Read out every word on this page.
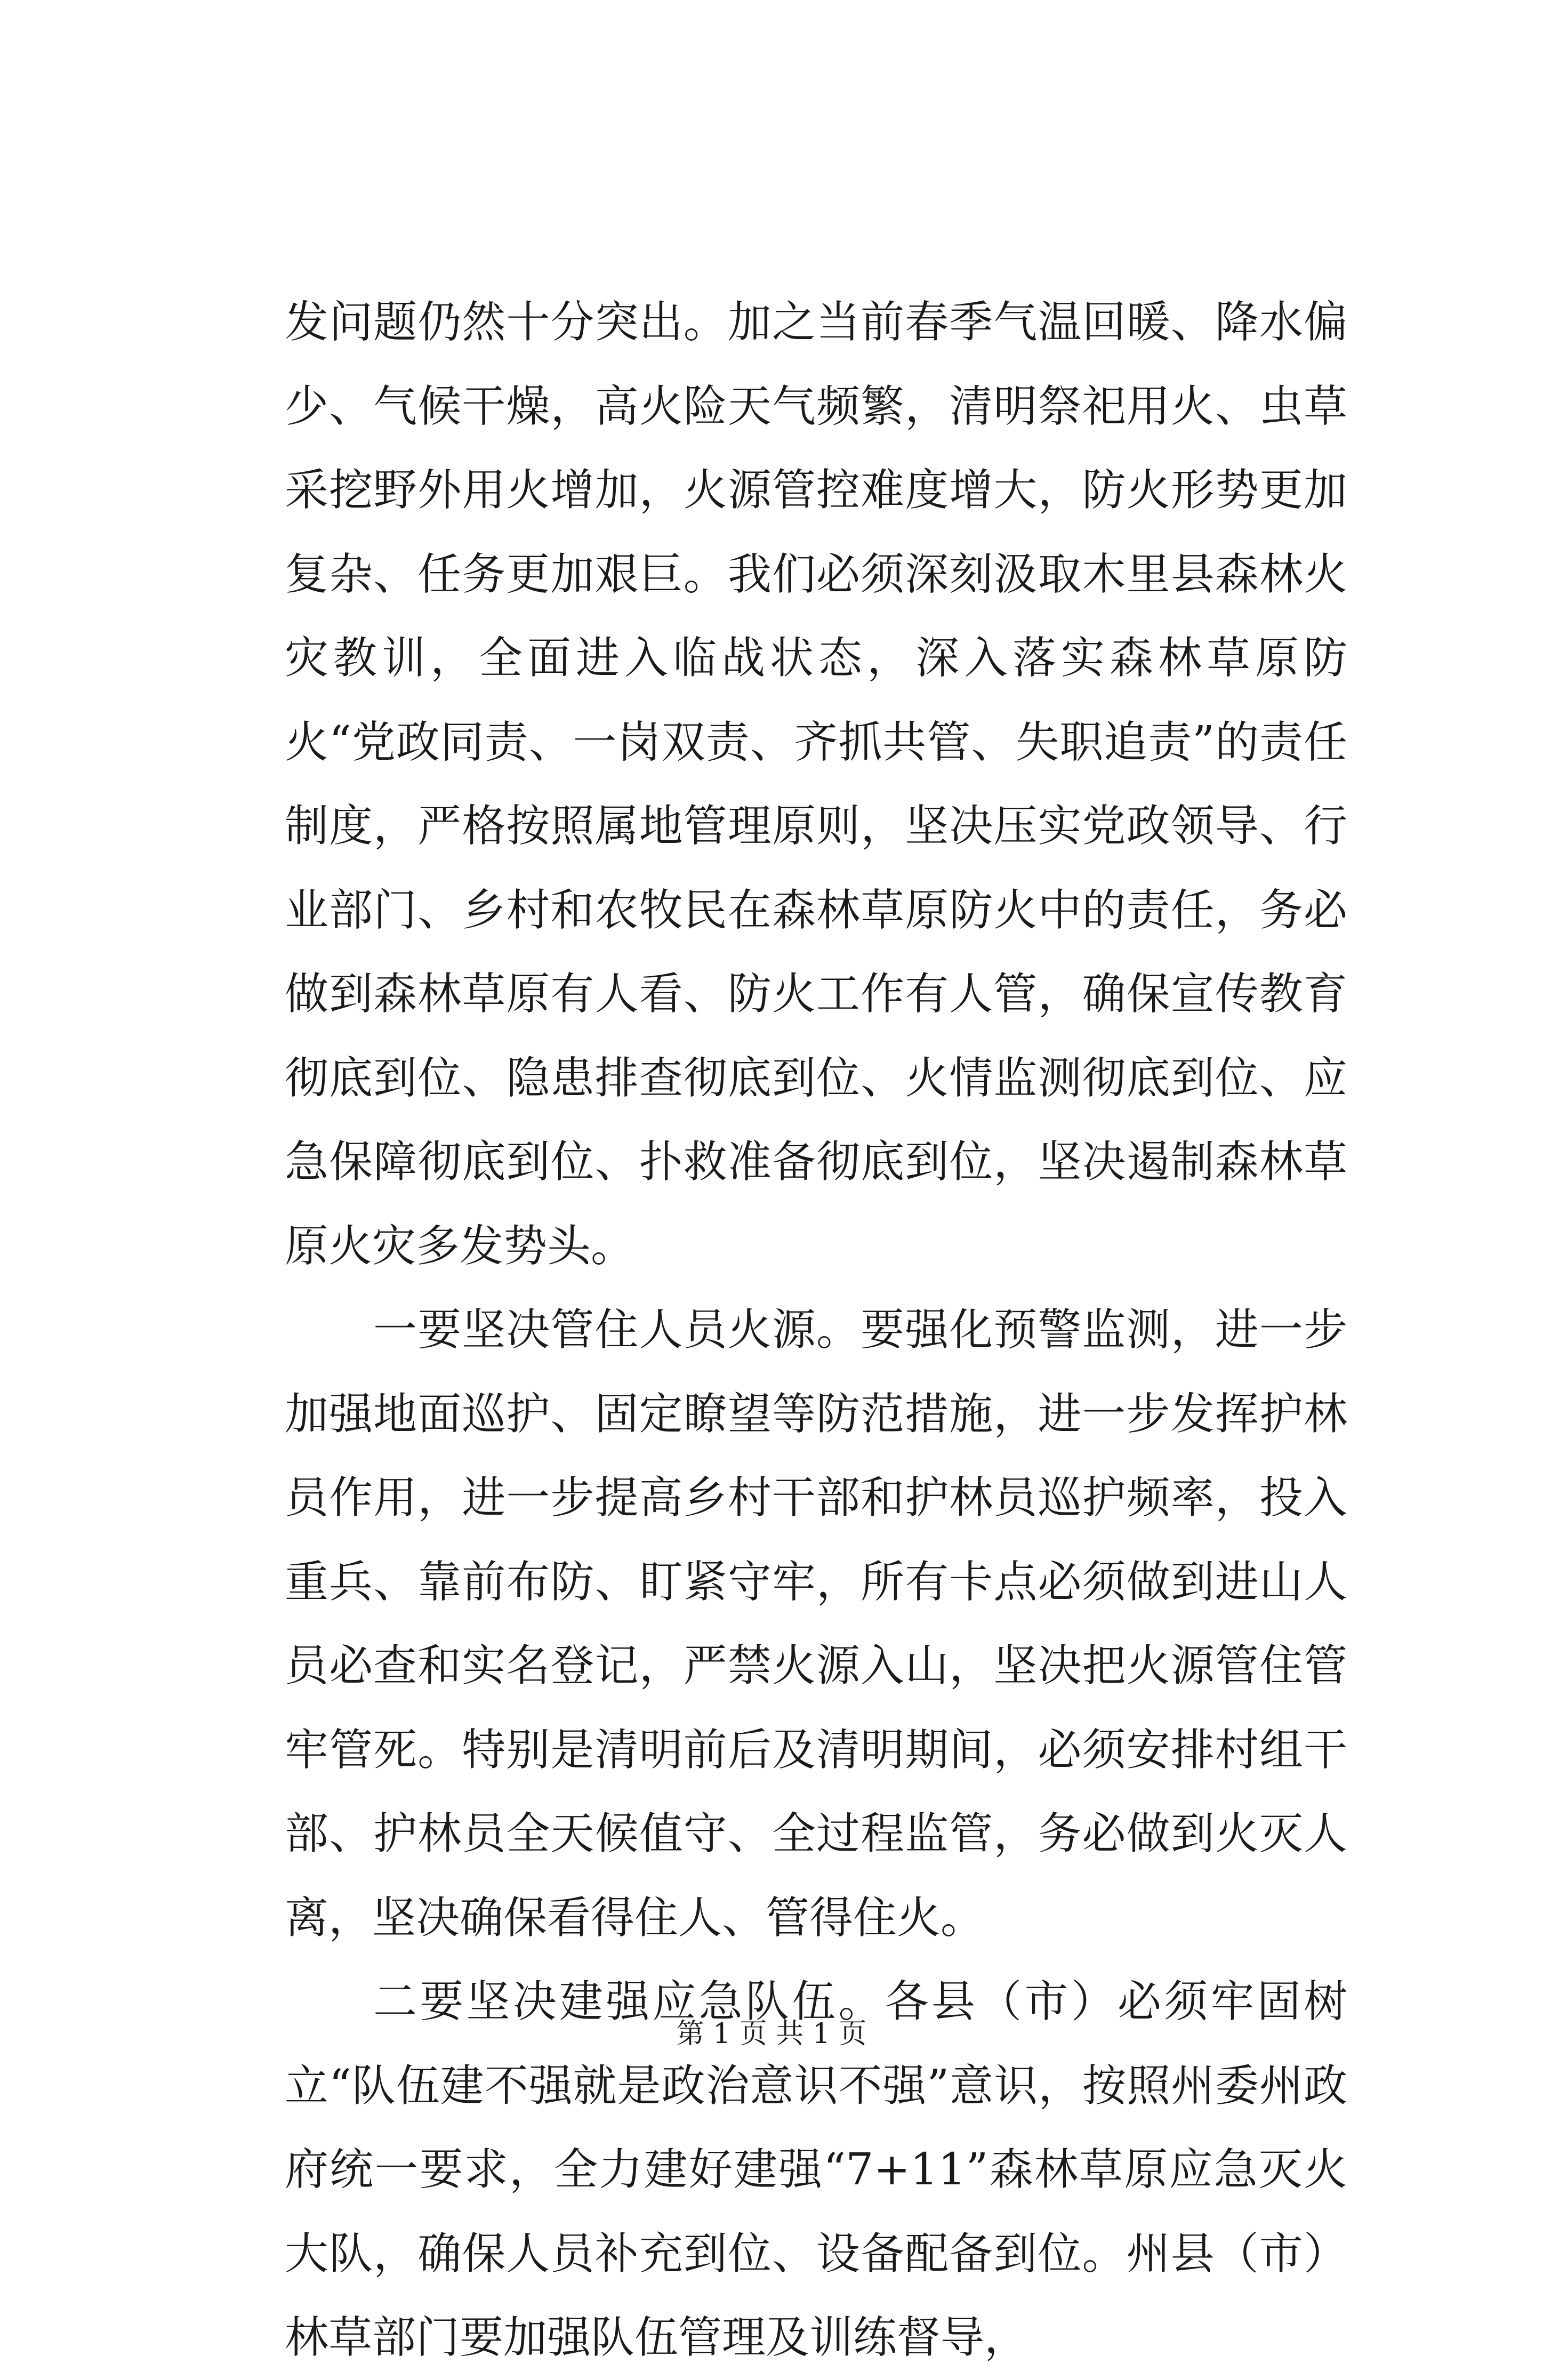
发问题仍然十分突出。加之当前春季气温回暖、降水偏少、气候干燥，高火险天气频繁，清明祭祀用火、虫草采挖野外用火增加，火源管控难度增大，防火形势更加复杂、任务更加艰巨。我们必须深刻汲取木里县森林火灾教训，全面进入临战状态，深入落实森林草原防火“党政同责、一岗双责、齐抓共管、失职追责”的责任制度，严格按照属地管理原则，坚决压实党政领导、行业部门、乡村和农牧民在森林草原防火中的责任，务必做到森林草原有人看、防火工作有人管，确保宣传教育彻底到位、隐患排查彻底到位、火情监测彻底到位、应急保障彻底到位、扑救准备彻底到位，坚决遏制森林草原火灾多发势头。

一要坚决管住人员火源。要强化预警监测，进一步加强地面巡护、固定瞭望等防范措施，进一步发挥护林员作用，进一步提高乡村干部和护林员巡护频率，投入重兵、靠前布防、盯紧守牢，所有卡点必须做到进山人员必查和实名登记，严禁火源入山，坚决把火源管住管牢管死。特别是清明前后及清明期间，必须安排村组干部、护林员全天候值守、全过程监管，务必做到火灭人离，坚决确保看得住人、管得住火。

二要坚决建强应急队伍。各县（市）必须牢固树立“队伍建不强就是政治意识不强”意识，按照州委州政府统一要求，全力建好建强“7+11”森林草原应急灭火大队，确保人员补充到位、设备配备到位。州县（市）林草部门要加强队伍管理及训练督导，

第 1 页 共 1 页
